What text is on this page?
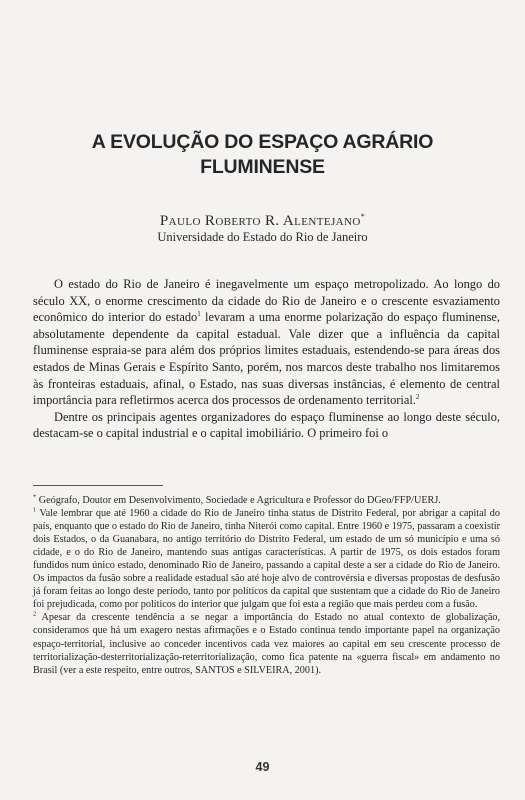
A EVOLUÇÃO DO ESPAÇO AGRÁRIO
FLUMINENSE
Paulo Roberto R. Alentejano*
Universidade do Estado do Rio de Janeiro

O estado do Rio de Janeiro é inegavelmente um espaço metropolizado. Ao longo do século XX, o enorme crescimento da cidade do Rio de Janeiro e o crescente esvaziamento econômico do interior do estado$^1$ levaram a uma enorme polarização do espaço fluminense, absolutamente dependente da capital estadual. Vale dizer que a influência da capital fluminense espraia-se para além dos próprios limites estaduais, estendendo-se para áreas dos estados de Minas Gerais e Espírito Santo, porém, nos marcos deste trabalho nos limitaremos às fronteiras estaduais, afinal, o Estado, nas suas diversas instâncias, é elemento de central importância para refletirmos acerca dos processos de ordenamento territorial.$^2$

Dentre os principais agentes organizadores do espaço fluminense ao longo deste século, destacam-se o capital industrial e o capital imobiliário. O primeiro foi o

* Geógrafo, Doutor em Desenvolvimento, Sociedade e Agricultura e Professor do DGeo/FFP/UERJ.

$^1$ Vale lembrar que até 1960 a cidade do Rio de Janeiro tinha status de Distrito Federal, por abrigar a capital do país, enquanto que o estado do Rio de Janeiro, tinha Niterói como capital. Entre 1960 e 1975, passaram a coexistir dois Estados, o da Guanabara, no antigo território do Distrito Federal, um estado de um só município e uma só cidade, e o do Rio de Janeiro, mantendo suas antigas características. A partir de 1975, os dois estados foram fundidos num único estado, denominado Rio de Janeiro, passando a capital deste a ser a cidade do Rio de Janeiro. Os impactos da fusão sobre a realidade estadual são até hoje alvo de controvérsia e diversas propostas de desfusão já foram feitas ao longo deste período, tanto por políticos da capital que sustentam que a cidade do Rio de Janeiro foi prejudicada, como por políticos do interior que julgam que foi esta a região que mais perdeu com a fusão.

$^2$ Apesar da crescente tendência a se negar a importância do Estado no atual contexto de globalização, consideramos que há um exagero nestas afirmações e o Estado continua tendo importante papel na organização espaço-territorial, inclusive ao conceder incentivos cada vez maiores ao capital em seu crescente processo de territorialização-desterritorialização-reterritorialização, como fica patente na «guerra fiscal» em andamento no Brasil (ver a este respeito, entre outros, SANTOS e SILVEIRA, 2001).

49
